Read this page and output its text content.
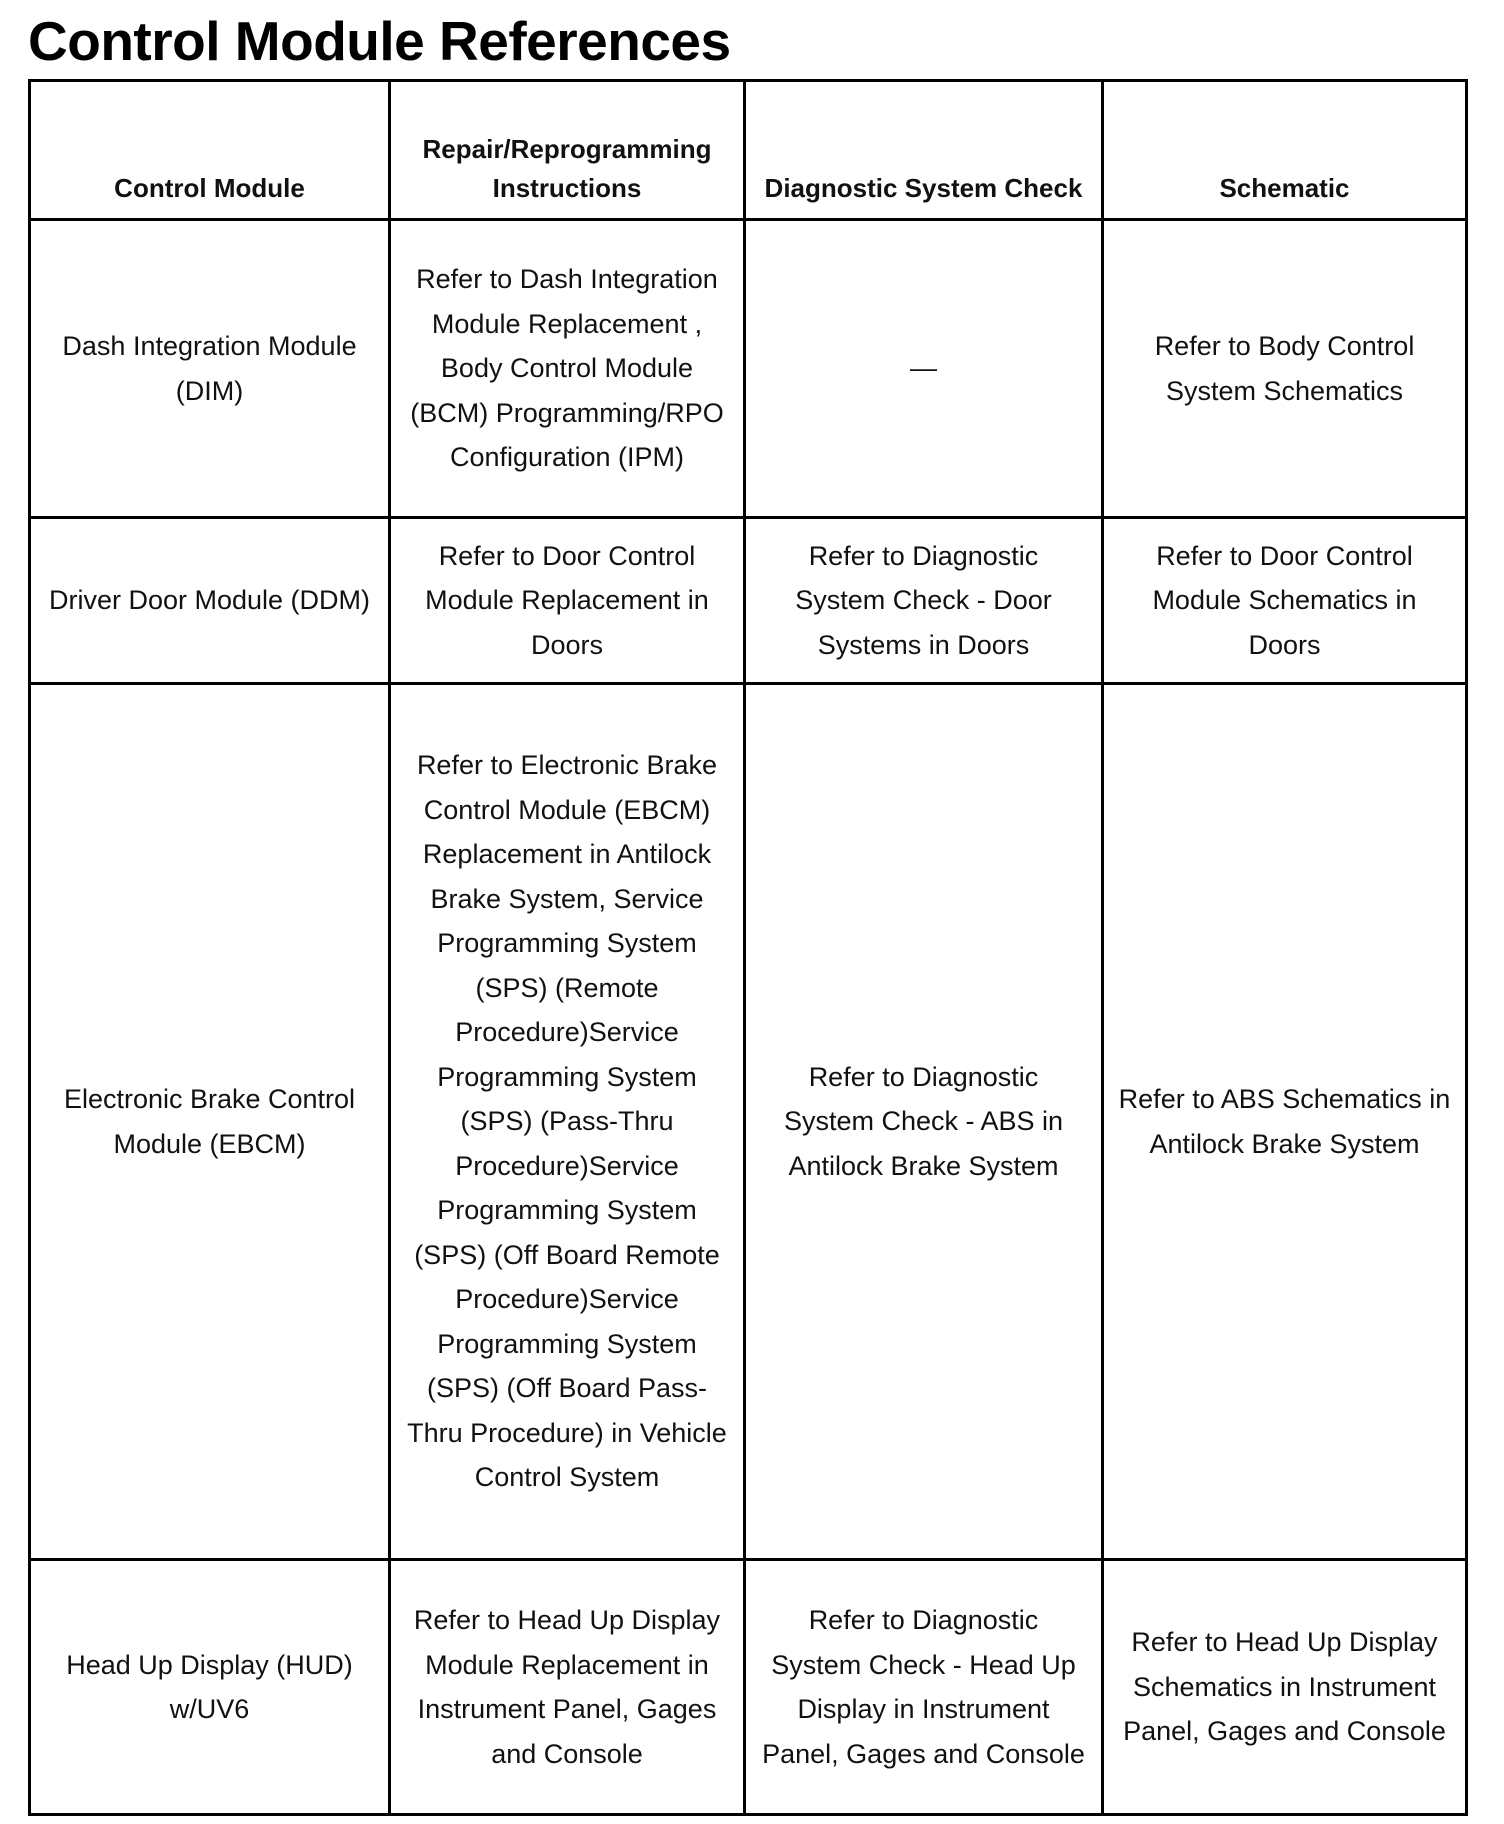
Control Module References
Control Module	Repair/Reprogramming Instructions	Diagnostic System Check	Schematic
Dash Integration Module (DIM)	Refer to Dash Integration Module Replacement , Body Control Module (BCM) Programming/RPO Configuration (IPM)	—	Refer to Body Control System Schematics
Driver Door Module (DDM)	Refer to Door Control Module Replacement in Doors	Refer to Diagnostic System Check - Door Systems in Doors	Refer to Door Control Module Schematics in Doors
Electronic Brake Control Module (EBCM)	Refer to Electronic Brake Control Module (EBCM) Replacement in Antilock Brake System, Service Programming System (SPS) (Remote Procedure)Service Programming System (SPS) (Pass-Thru Procedure)Service Programming System (SPS) (Off Board Remote Procedure)Service Programming System (SPS) (Off Board Pass-Thru Procedure) in Vehicle Control System	Refer to Diagnostic System Check - ABS in Antilock Brake System	Refer to ABS Schematics in Antilock Brake System
Head Up Display (HUD) w/UV6	Refer to Head Up Display Module Replacement in Instrument Panel, Gages and Console	Refer to Diagnostic System Check - Head Up Display in Instrument Panel, Gages and Console	Refer to Head Up Display Schematics in Instrument Panel, Gages and Console
